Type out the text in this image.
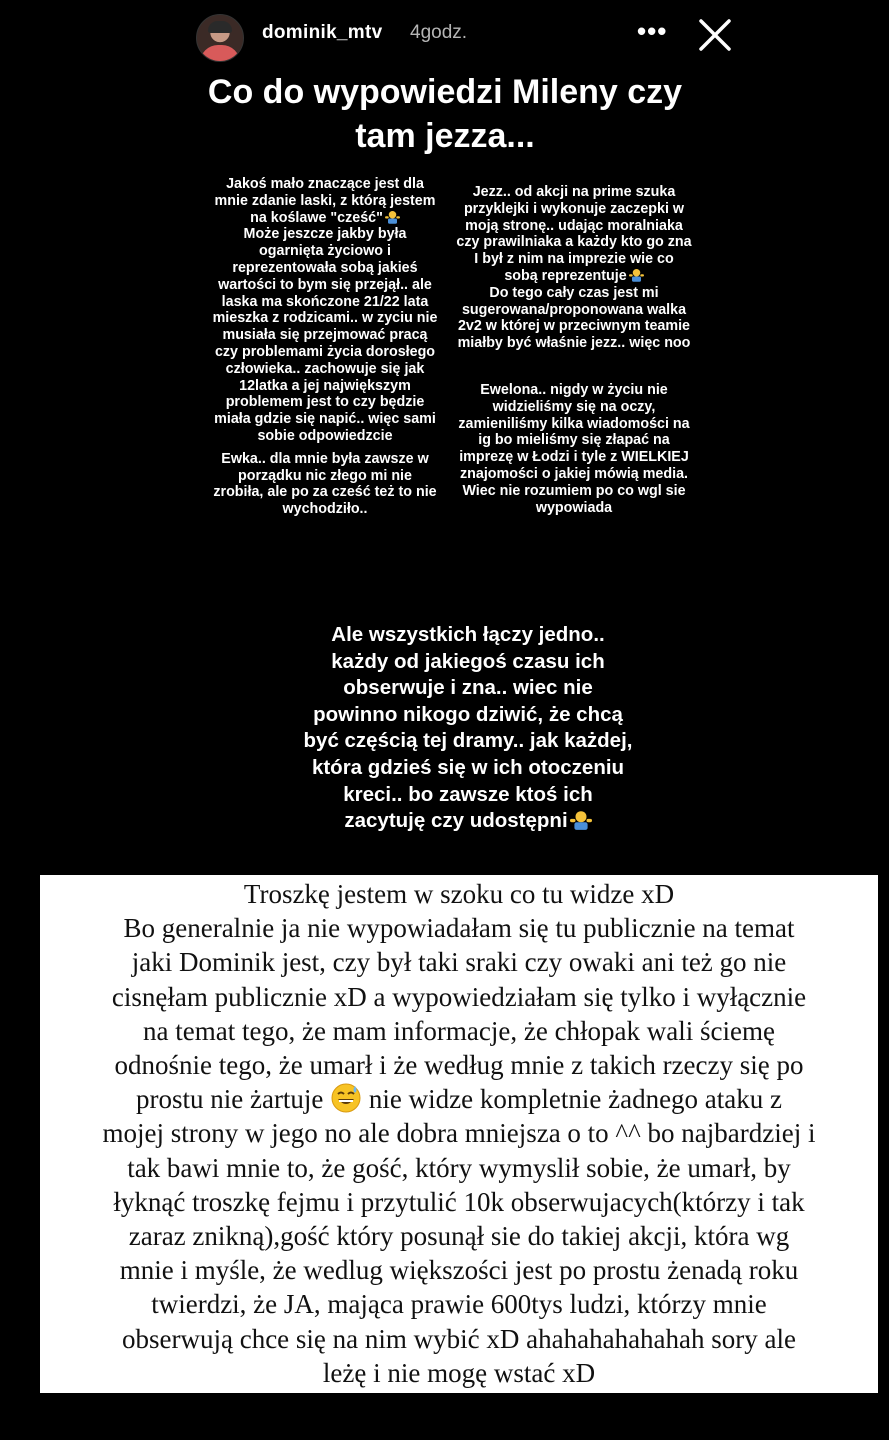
dominik_mtv 4godz.	•••
Co do wypowiedzi Mileny czy tam jezza...

Jakoś mało znaczące jest dla mnie zdanie laski, z którą jestem na koślawe "cześć"

Może jeszcze jakby była ogarnięta życiowo i reprezentowała sobą jakieś wartości to bym się przejął.. ale laska ma skończone 21/22 lata mieszka z rodzicami.. w zyciu nie musiała się przejmować pracą czy problemami życia dorosłego człowieka.. zachowuje się jak 12latka a jej największym problemem jest to czy będzie miała gdzie się napić.. więc sami sobie odpowiedzcie

Ewka.. dla mnie była zawsze w porządku nic złego mi nie zrobiła, ale po za cześć też to nie wychodziło..

Jezz.. od akcji na prime szuka przyklejki i wykonuje zaczepki w moją stronę.. udając moralniaka czy prawilniaka a każdy kto go zna I był z nim na imprezie wie co sobą reprezentuje

Do tego cały czas jest mi sugerowana/proponowana walka 2v2 w której w przeciwnym teamie miałby być właśnie jezz.. więc noo

Ewelona.. nigdy w życiu nie widzieliśmy się na oczy, zamieniliśmy kilka wiadomości na ig bo mieliśmy się złapać na imprezę w Łodzi i tyle z WIELKIEJ znajomości o jakiej mówią media. Wiec nie rozumiem po co wgl sie wypowiada

Ale wszystkich łączy jedno.. każdy od jakiegoś czasu ich obserwuje i zna.. wiec nie powinno nikogo dziwić, że chcą być częścią tej dramy.. jak każdej, która gdzieś się w ich otoczeniu kreci.. bo zawsze ktoś ich zacytuję czy udostępni
Troszkę jestem w szoku co tu widze xD
Bo generalnie ja nie wypowiadałam się tu publicznie na temat
jaki Dominik jest, czy był taki sraki czy owaki ani też go nie
cisnęłam publicznie xD a wypowiedziałam się tylko i wyłącznie
na temat tego, że mam informacje, że chłopak wali ściemę
odnośnie tego, że umarł i że według mnie z takich rzeczy się po
prostu nie żartuje nie widze kompletnie żadnego ataku z
mojej strony w jego no ale dobra mniejsza o to ^^ bo najbardziej i
tak bawi mnie to, że gość, który wymyslił sobie, że umarł, by
łyknąć troszkę fejmu i przytulić 10k obserwujacych(którzy i tak
zaraz znikną),gość który posunął sie do takiej akcji, która wg
mnie i myśle, że wedlug większości jest po prostu żenadą roku
twierdzi, że JA, mająca prawie 600tys ludzi, którzy mnie
obserwują chce się na nim wybić xD ahahahahahahah sory ale
leżę i nie mogę wstać xD
